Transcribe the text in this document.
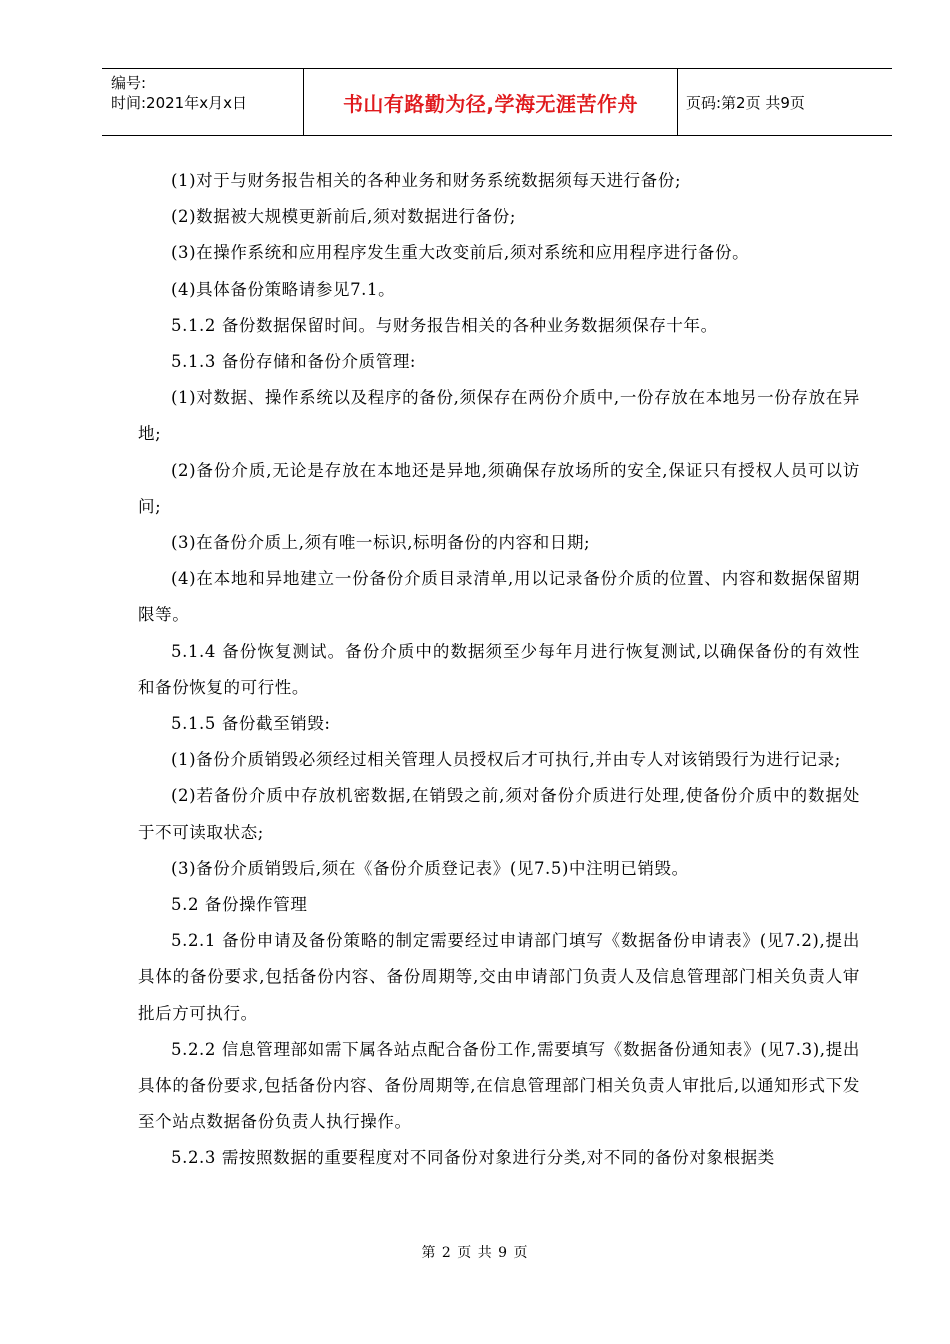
编号:
时间:2021年x月x日	书山有路勤为径,学海无涯苦作舟	页码:第2页 共9页

(1)对于与财务报告相关的各种业务和财务系统数据须每天进行备份;

(2)数据被大规模更新前后,须对数据进行备份;

(3)在操作系统和应用程序发生重大改变前后,须对系统和应用程序进行备份。

(4)具体备份策略请参见7.1。

5.1.2 备份数据保留时间。与财务报告相关的各种业务数据须保存十年。

5.1.3 备份存储和备份介质管理:

(1)对数据、操作系统以及程序的备份,须保存在两份介质中,一份存放在本地另一份存放在异地;

(2)备份介质,无论是存放在本地还是异地,须确保存放场所的安全,保证只有授权人员可以访问;

(3)在备份介质上,须有唯一标识,标明备份的内容和日期;

(4)在本地和异地建立一份备份介质目录清单,用以记录备份介质的位置、内容和数据保留期限等。

5.1.4 备份恢复测试。备份介质中的数据须至少每年月进行恢复测试,以确保备份的有效性和备份恢复的可行性。

5.1.5 备份截至销毁:

(1)备份介质销毁必须经过相关管理人员授权后才可执行,并由专人对该销毁行为进行记录;

(2)若备份介质中存放机密数据,在销毁之前,须对备份介质进行处理,使备份介质中的数据处于不可读取状态;

(3)备份介质销毁后,须在《备份介质登记表》(见7.5)中注明已销毁。

5.2 备份操作管理

5.2.1 备份申请及备份策略的制定需要经过申请部门填写《数据备份申请表》(见7.2),提出具体的备份要求,包括备份内容、备份周期等,交由申请部门负责人及信息管理部门相关负责人审批后方可执行。

5.2.2 信息管理部如需下属各站点配合备份工作,需要填写《数据备份通知表》(见7.3),提出具体的备份要求,包括备份内容、备份周期等,在信息管理部门相关负责人审批后,以通知形式下发至个站点数据备份负责人执行操作。

5.2.3 需按照数据的重要程度对不同备份对象进行分类,对不同的备份对象根据类

第 2 页 共 9 页
